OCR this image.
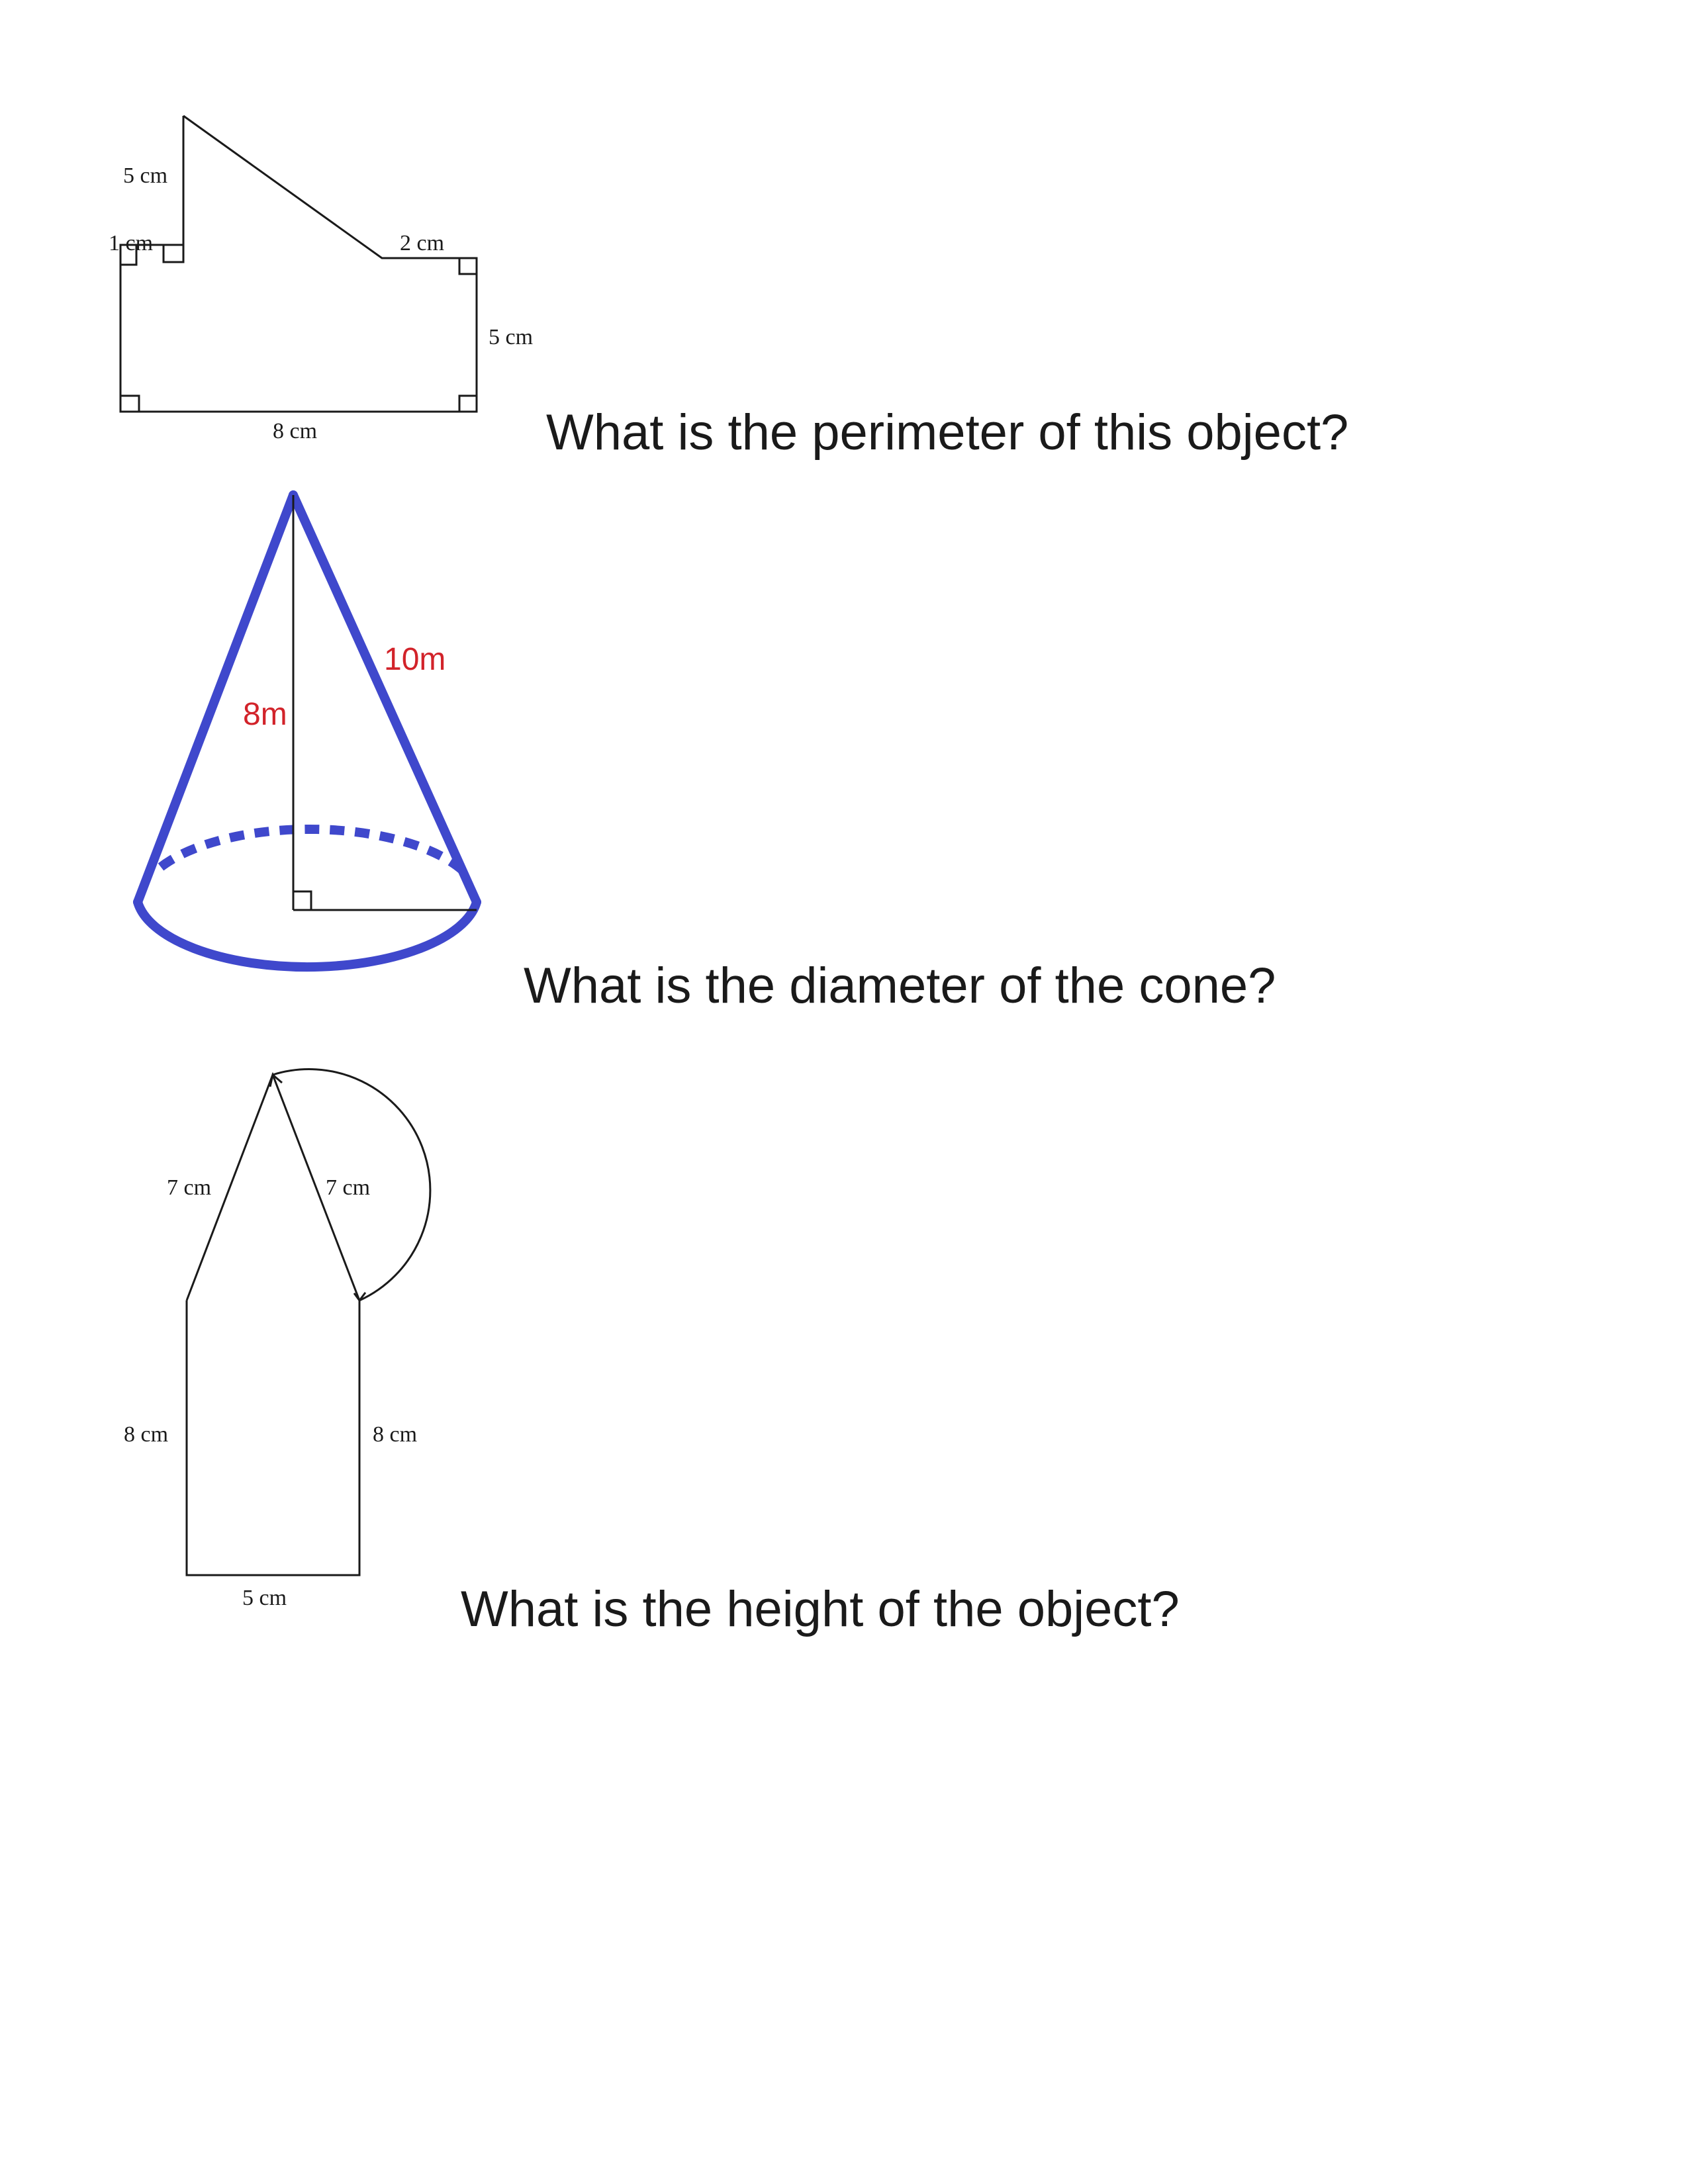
5 cm
1 cm	2 cm
5 cm
8 cm
10m
8m
7 cm	7 cm
8 cm	8 cm
5 cm
What is the perimeter of this object?
What is the diameter of the cone?
What is the height of the object?
